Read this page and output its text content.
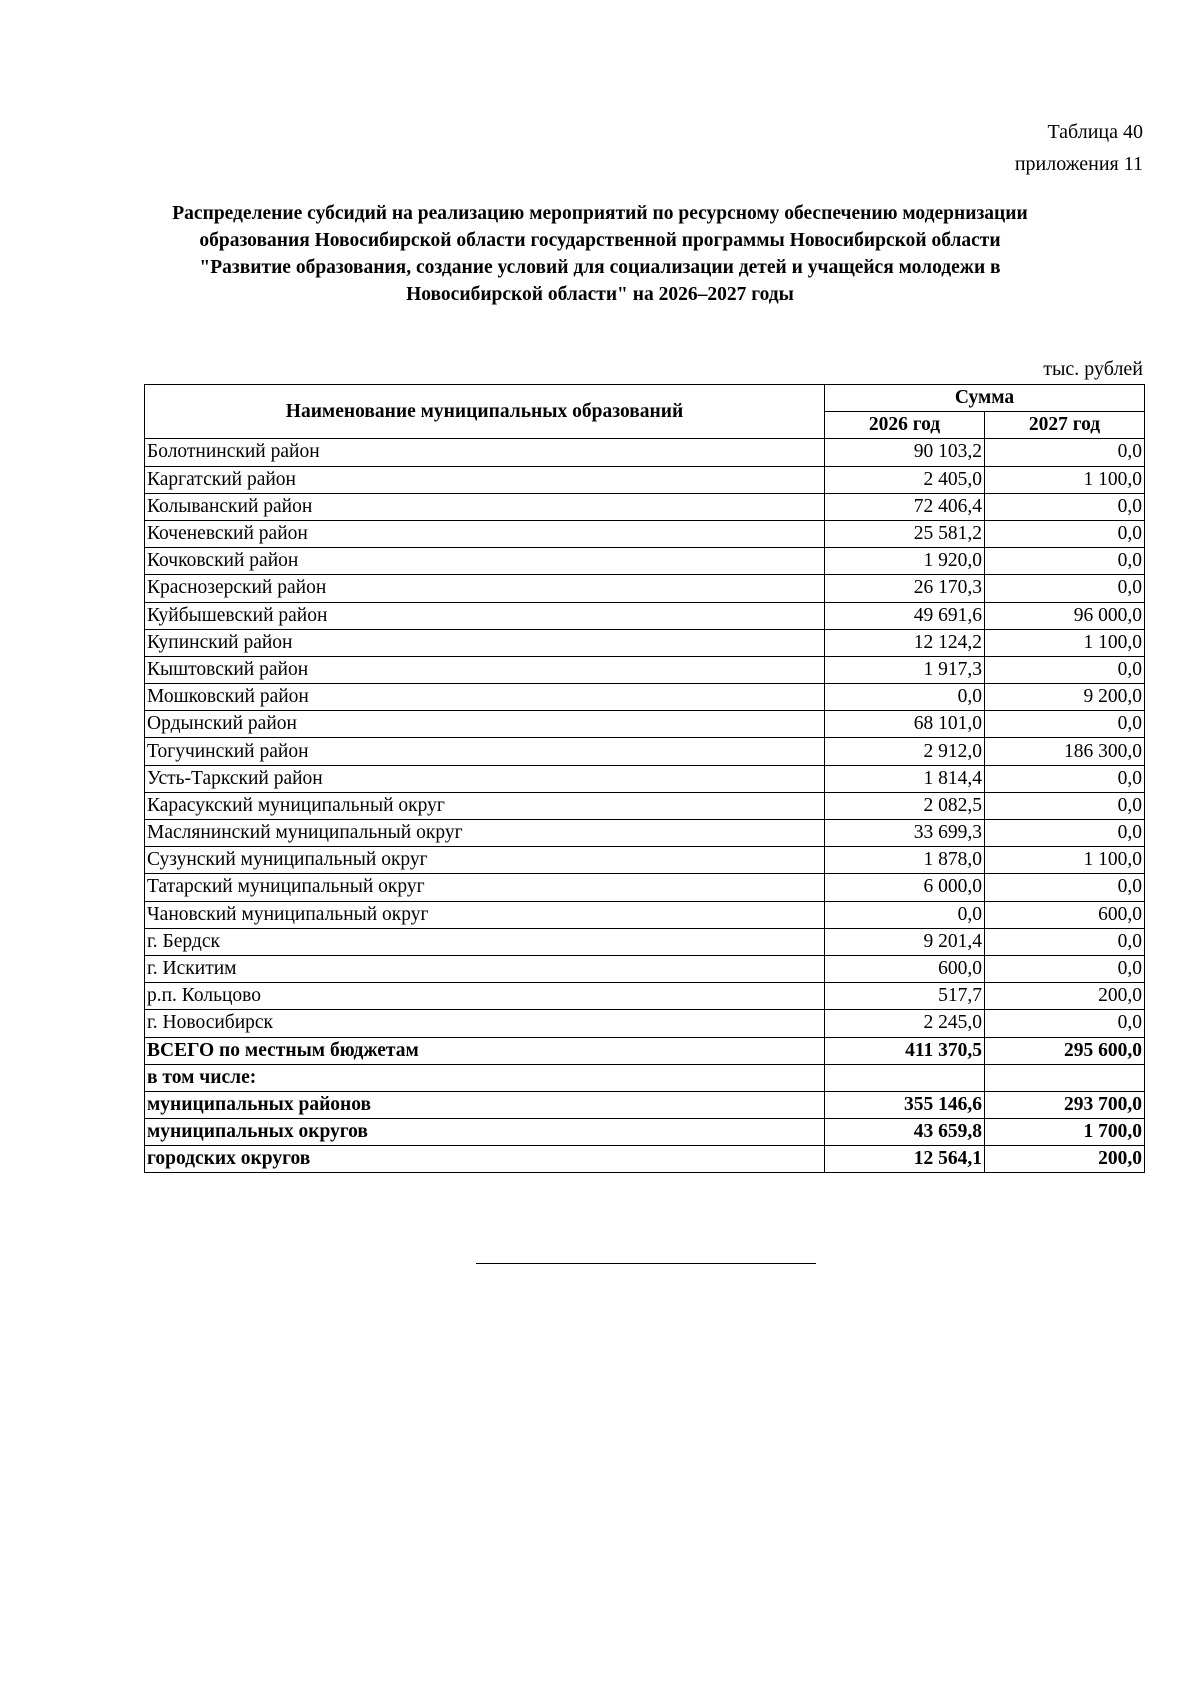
Таблица 40
приложения 11
Распределение субсидий на реализацию мероприятий по ресурсному обеспечению модернизации
образования Новосибирской области государственной программы Новосибирской области
"Развитие образования, создание условий для социализации детей и учащейся молодежи в
Новосибирской области" на 2026–2027 годы
тыс. рублей
Наименование муниципальных образований	Сумма	
	2026 год	2027 год
Болотнинский район	90 103,2	0,0
Каргатский район	2 405,0	1 100,0
Колыванский район	72 406,4	0,0
Коченевский район	25 581,2	0,0
Кочковский район	1 920,0	0,0
Краснозерский район	26 170,3	0,0
Куйбышевский район	49 691,6	96 000,0
Купинский район	12 124,2	1 100,0
Кыштовский район	1 917,3	0,0
Мошковский район	0,0	9 200,0
Ордынский район	68 101,0	0,0
Тогучинский район	2 912,0	186 300,0
Усть-Таркский район	1 814,4	0,0
Карасукский муниципальный округ	2 082,5	0,0
Маслянинский муниципальный округ	33 699,3	0,0
Сузунский муниципальный округ	1 878,0	1 100,0
Татарский муниципальный округ	6 000,0	0,0
Чановский муниципальный округ	0,0	600,0
г. Бердск	9 201,4	0,0
г. Искитим	600,0	0,0
р.п. Кольцово	517,7	200,0
г. Новосибирск	2 245,0	0,0
ВСЕГО по местным бюджетам	411 370,5	295 600,0
в том числе:		
муниципальных районов	355 146,6	293 700,0
муниципальных округов	43 659,8	1 700,0
городских округов	12 564,1	200,0
